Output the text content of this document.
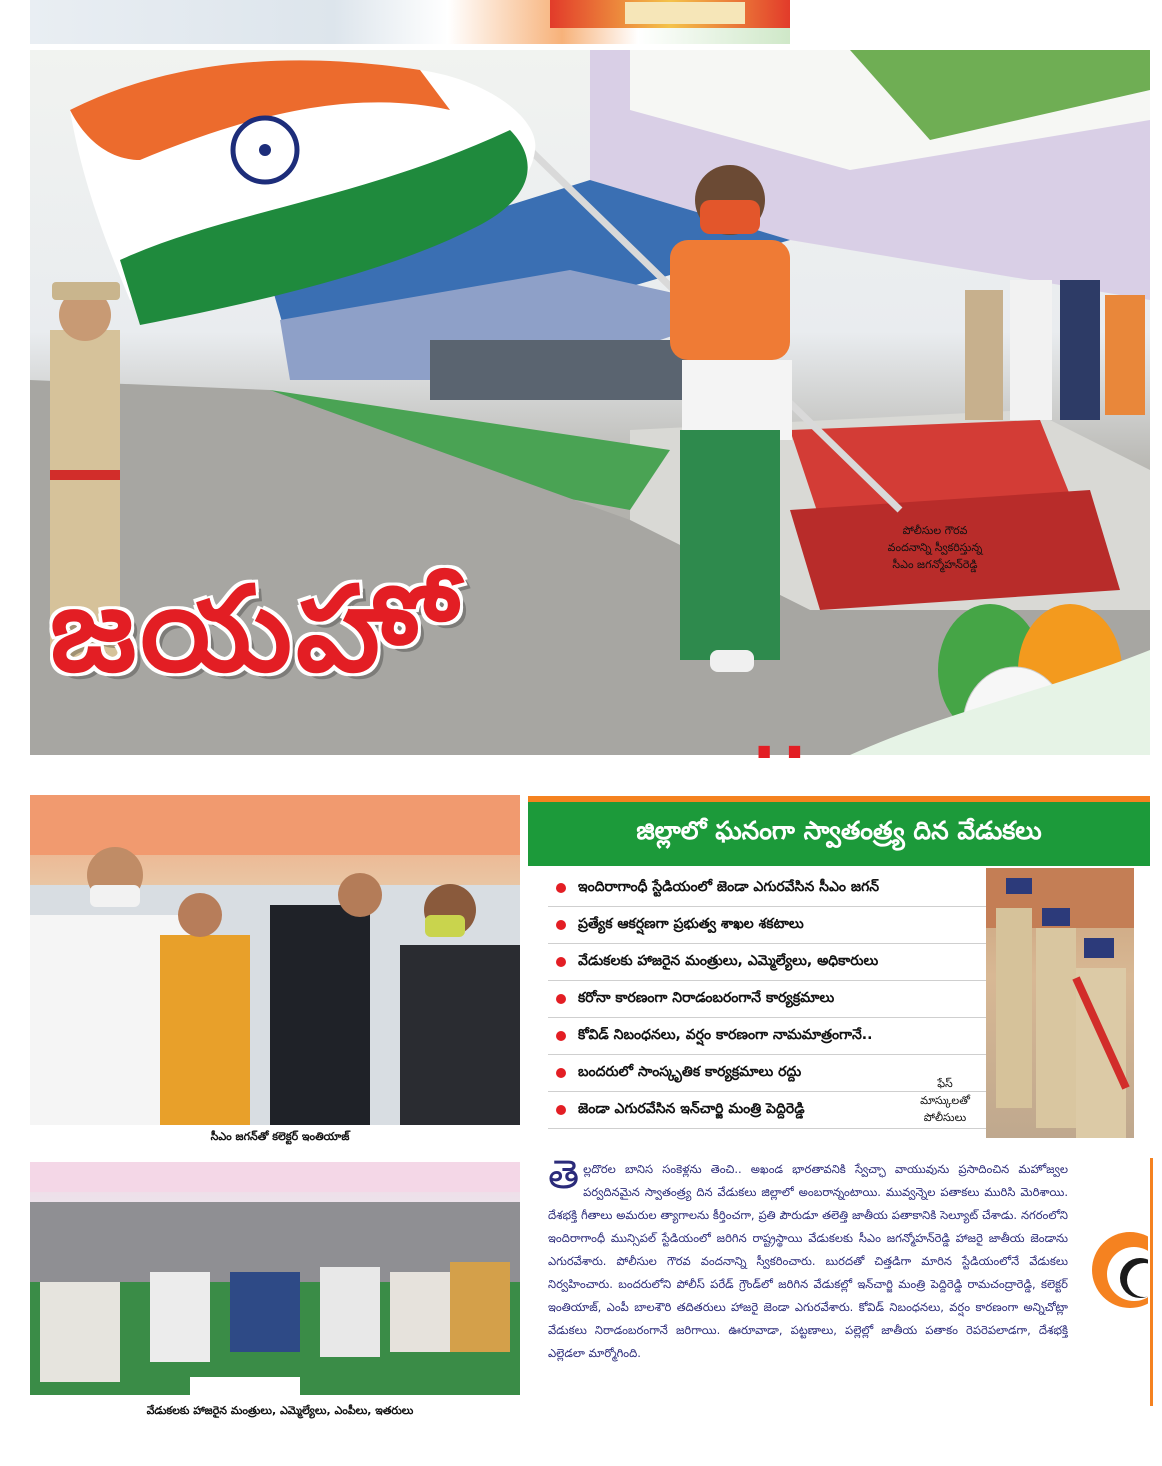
పోలీసుల గౌరవ
వందనాన్ని స్వీకరిస్తున్న
సీఎం జగన్మోహన్‌రెడ్డి
జయహో
..
జిల్లాలో ఘనంగా స్వాతంత్ర్య దిన వేడుకలు
సీఎం జగన్‌తో కలెక్టర్ ఇంతియాజ్
ఇందిరాగాంధీ స్టేడియంలో జెండా ఎగురవేసిన సీఎం జగన్
ప్రత్యేక ఆకర్షణగా ప్రభుత్వ శాఖల శకటాలు
వేడుకలకు హాజరైన మంత్రులు, ఎమ్మెల్యేలు, అధికారులు
కరోనా కారణంగా నిరాడంబరంగానే కార్యక్రమాలు
కోవిడ్ నిబంధనలు, వర్షం కారణంగా నామమాత్రంగానే..
బందరులో సాంస్కృతిక కార్యక్రమాలు రద్దు
జెండా ఎగురవేసిన ఇన్‌చార్జి మంత్రి పెద్దిరెడ్డి
ఫేస్
మాస్కులతో
పోలీసులు
వేడుకలకు హాజరైన మంత్రులు, ఎమ్మెల్యేలు, ఎంపీలు, ఇతరులు
తెల్లదొరల బానిస సంకెళ్లను తెంచి.. అఖండ భారతావనికి స్వేచ్ఛా వాయువును ప్రసాదించిన మహోజ్వల పర్వదినమైన స్వాతంత్ర్య దిన వేడుకలు జిల్లాలో అంబరాన్నంటాయి. మువ్వన్నెల పతాకలు మురిసి మెరిశాయి. దేశభక్తి గీతాలు అమరుల త్యాగాలను కీర్తించగా, ప్రతి పౌరుడూ తలెత్తి జాతీయ పతాకానికి సెల్యూట్ చేశాడు. నగరంలోని ఇందిరాగాంధీ మున్సిపల్ స్టేడియంలో జరిగిన రాష్ట్రస్థాయి వేడుకలకు సీఎం జగన్మోహన్‌రెడ్డి హాజరై జాతీయ జెండాను ఎగురవేశారు. పోలీసుల గౌరవ వందనాన్ని స్వీకరించారు. బురదతో చిత్తడిగా మారిన స్టేడియంలోనే వేడుకలు నిర్వహించారు. బందరులోని పోలీస్ పరేడ్ గ్రౌండ్‌లో జరిగిన వేడుకల్లో ఇన్‌చార్జి మంత్రి పెద్దిరెడ్డి రామచంద్రారెడ్డి, కలెక్టర్ ఇంతియాజ్, ఎంపీ బాలశౌరి తదితరులు హాజరై జెండా ఎగురవేశారు. కోవిడ్ నిబంధనలు, వర్షం కారణంగా అన్నిచోట్లా వేడుకలు నిరాడంబరంగానే జరిగాయి. ఊరూవాడా, పట్టణాలు, పల్లెల్లో జాతీయ పతాకం రెపరెపలాడగా, దేశభక్తి ఎల్లెడలా మార్మోగింది.
